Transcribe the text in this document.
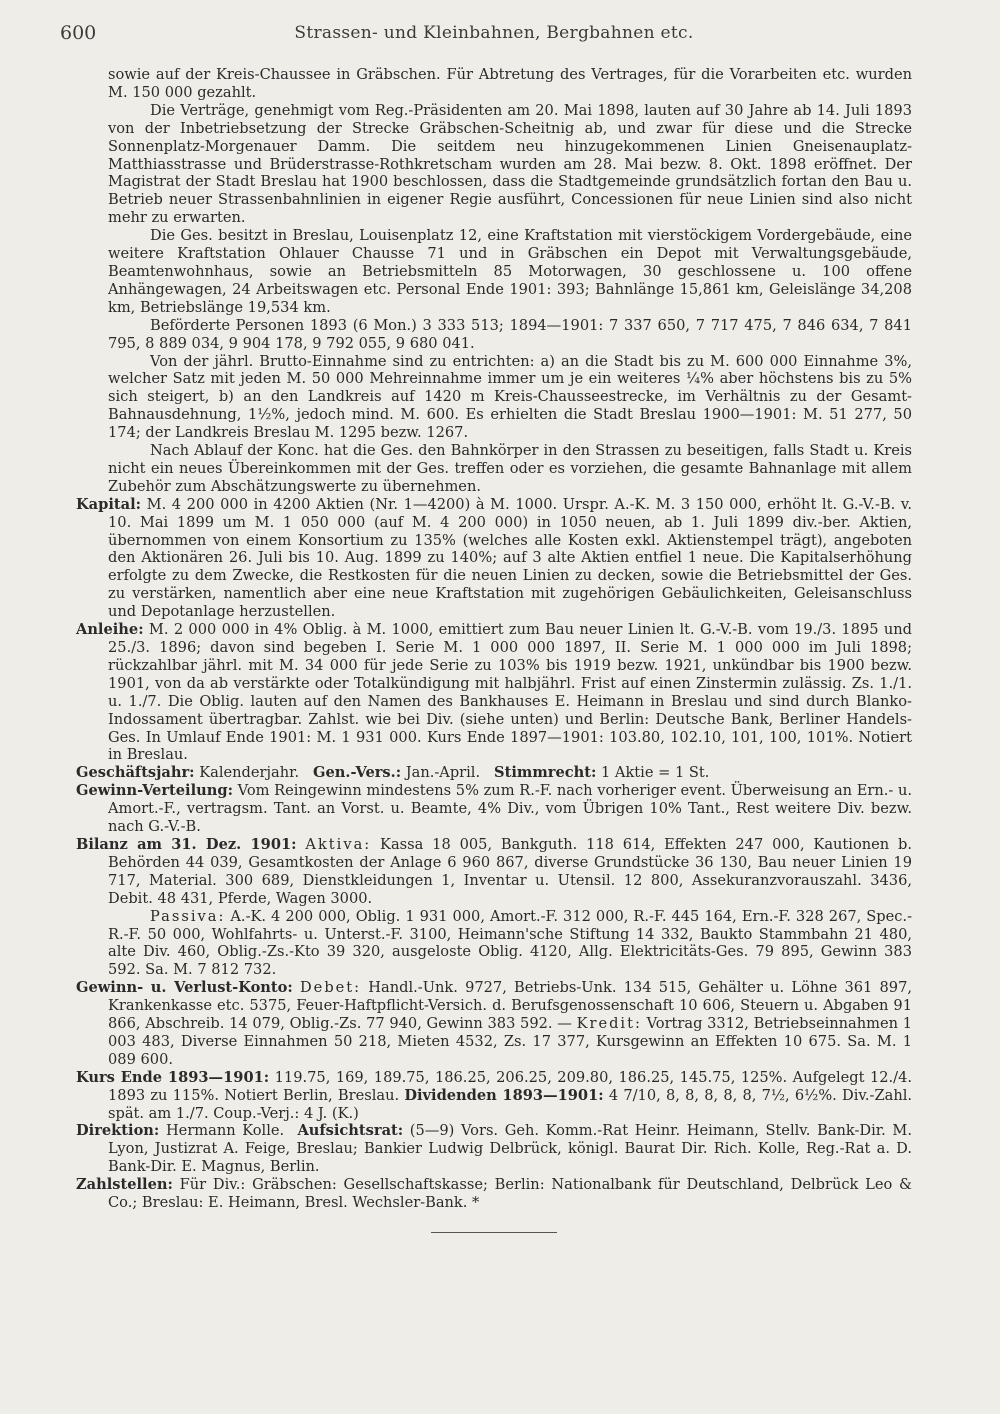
600	Strassen- und Kleinbahnen, Bergbahnen etc.

sowie auf der Kreis-Chaussee in Gräbschen. Für Abtretung des Vertrages, für die Vorarbeiten etc. wurden M. 150 000 gezahlt.

Die Verträge, genehmigt vom Reg.-Präsidenten am 20. Mai 1898, lauten auf 30 Jahre ab 14. Juli 1893 von der Inbetriebsetzung der Strecke Gräbschen-Scheitnig ab, und zwar für diese und die Strecke Sonnenplatz-Morgenauer Damm. Die seitdem neu hinzugekommenen Linien Gneisenauplatz-Matthiasstrasse und Brüderstrasse-Rothkretscham wurden am 28. Mai bezw. 8. Okt. 1898 eröffnet. Der Magistrat der Stadt Breslau hat 1900 beschlossen, dass die Stadtgemeinde grundsätzlich fortan den Bau u. Betrieb neuer Strassenbahnlinien in eigener Regie ausführt, Concessionen für neue Linien sind also nicht mehr zu erwarten.

Die Ges. besitzt in Breslau, Louisenplatz 12, eine Kraftstation mit vierstöckigem Vordergebäude, eine weitere Kraftstation Ohlauer Chausse 71 und in Gräbschen ein Depot mit Verwaltungsgebäude, Beamtenwohnhaus, sowie an Betriebsmitteln 85 Motorwagen, 30 geschlossene u. 100 offene Anhängewagen, 24 Arbeitswagen etc. Personal Ende 1901: 393; Bahnlänge 15,861 km, Geleislänge 34,208 km, Betriebslänge 19,534 km.

Beförderte Personen 1893 (6 Mon.) 3 333 513; 1894—1901: 7 337 650, 7 717 475, 7 846 634, 7 841 795, 8 889 034, 9 904 178, 9 792 055, 9 680 041.

Von der jährl. Brutto-Einnahme sind zu entrichten: a) an die Stadt bis zu M. 600 000 Einnahme 3%, welcher Satz mit jeden M. 50 000 Mehreinnahme immer um je ein weiteres ¼% aber höchstens bis zu 5% sich steigert, b) an den Landkreis auf 1420 m Kreis-Chausseestrecke, im Verhältnis zu der Gesamt-Bahnausdehnung, 1½%, jedoch mind. M. 600. Es erhielten die Stadt Breslau 1900—1901: M. 51 277, 50 174; der Landkreis Breslau M. 1295 bezw. 1267.

Nach Ablauf der Konc. hat die Ges. den Bahnkörper in den Strassen zu beseitigen, falls Stadt u. Kreis nicht ein neues Übereinkommen mit der Ges. treffen oder es vorziehen, die gesamte Bahnanlage mit allem Zubehör zum Abschätzungswerte zu übernehmen.

Kapital: M. 4 200 000 in 4200 Aktien (Nr. 1—4200) à M. 1000. Urspr. A.-K. M. 3 150 000, erhöht lt. G.-V.-B. v. 10. Mai 1899 um M. 1 050 000 (auf M. 4 200 000) in 1050 neuen, ab 1. Juli 1899 div.-ber. Aktien, übernommen von einem Konsortium zu 135% (welches alle Kosten exkl. Aktienstempel trägt), angeboten den Aktionären 26. Juli bis 10. Aug. 1899 zu 140%; auf 3 alte Aktien entfiel 1 neue. Die Kapitalserhöhung erfolgte zu dem Zwecke, die Restkosten für die neuen Linien zu decken, sowie die Betriebsmittel der Ges. zu verstärken, namentlich aber eine neue Kraftstation mit zugehörigen Gebäulichkeiten, Geleisanschluss und Depotanlage herzustellen.

Anleihe: M. 2 000 000 in 4% Oblig. à M. 1000, emittiert zum Bau neuer Linien lt. G.-V.-B. vom 19./3. 1895 und 25./3. 1896; davon sind begeben I. Serie M. 1 000 000 1897, II. Serie M. 1 000 000 im Juli 1898; rückzahlbar jährl. mit M. 34 000 für jede Serie zu 103% bis 1919 bezw. 1921, unkündbar bis 1900 bezw. 1901, von da ab verstärkte oder Totalkündigung mit halbjährl. Frist auf einen Zinstermin zulässig. Zs. 1./1. u. 1./7. Die Oblig. lauten auf den Namen des Bankhauses E. Heimann in Breslau und sind durch Blanko-Indossament übertragbar. Zahlst. wie bei Div. (siehe unten) und Berlin: Deutsche Bank, Berliner Handels-Ges. In Umlauf Ende 1901: M. 1 931 000. Kurs Ende 1897—1901: 103.80, 102.10, 101, 100, 101%. Notiert in Breslau.

Geschäftsjahr: Kalenderjahr. Gen.-Vers.: Jan.-April. Stimmrecht: 1 Aktie = 1 St.

Gewinn-Verteilung: Vom Reingewinn mindestens 5% zum R.-F. nach vorheriger event. Überweisung an Ern.- u. Amort.-F., vertragsm. Tant. an Vorst. u. Beamte, 4% Div., vom Übrigen 10% Tant., Rest weitere Div. bezw. nach G.-V.-B.

Bilanz am 31. Dez. 1901: Aktiva: Kassa 18 005, Bankguth. 118 614, Effekten 247 000, Kautionen b. Behörden 44 039, Gesamtkosten der Anlage 6 960 867, diverse Grundstücke 36 130, Bau neuer Linien 19 717, Material. 300 689, Dienstkleidungen 1, Inventar u. Utensil. 12 800, Assekuranzvorauszahl. 3436, Debit. 48 431, Pferde, Wagen 3000.

Passiva: A.-K. 4 200 000, Oblig. 1 931 000, Amort.-F. 312 000, R.-F. 445 164, Ern.-F. 328 267, Spec.-R.-F. 50 000, Wohlfahrts- u. Unterst.-F. 3100, Heimann'sche Stiftung 14 332, Baukto Stammbahn 21 480, alte Div. 460, Oblig.-Zs.-Kto 39 320, ausgeloste Oblig. 4120, Allg. Elektricitäts-Ges. 79 895, Gewinn 383 592. Sa. M. 7 812 732.

Gewinn- u. Verlust-Konto: Debet: Handl.-Unk. 9727, Betriebs-Unk. 134 515, Gehälter u. Löhne 361 897, Krankenkasse etc. 5375, Feuer-Haftpflicht-Versich. d. Berufsgenossenschaft 10 606, Steuern u. Abgaben 91 866, Abschreib. 14 079, Oblig.-Zs. 77 940, Gewinn 383 592. — Kredit: Vortrag 3312, Betriebseinnahmen 1 003 483, Diverse Einnahmen 50 218, Mieten 4532, Zs. 17 377, Kursgewinn an Effekten 10 675. Sa. M. 1 089 600.

Kurs Ende 1893—1901: 119.75, 169, 189.75, 186.25, 206.25, 209.80, 186.25, 145.75, 125%. Aufgelegt 12./4. 1893 zu 115%. Notiert Berlin, Breslau. Dividenden 1893—1901: 4 7/10, 8, 8, 8, 8, 8, 7½, 6½%. Div.-Zahl. spät. am 1./7. Coup.-Verj.: 4 J. (K.)

Direktion: Hermann Kolle. Aufsichtsrat: (5—9) Vors. Geh. Komm.-Rat Heinr. Heimann, Stellv. Bank-Dir. M. Lyon, Justizrat A. Feige, Breslau; Bankier Ludwig Delbrück, königl. Baurat Dir. Rich. Kolle, Reg.-Rat a. D. Bank-Dir. E. Magnus, Berlin.

Zahlstellen: Für Div.: Gräbschen: Gesellschaftskasse; Berlin: Nationalbank für Deutschland, Delbrück Leo & Co.; Breslau: E. Heimann, Bresl. Wechsler-Bank. *
